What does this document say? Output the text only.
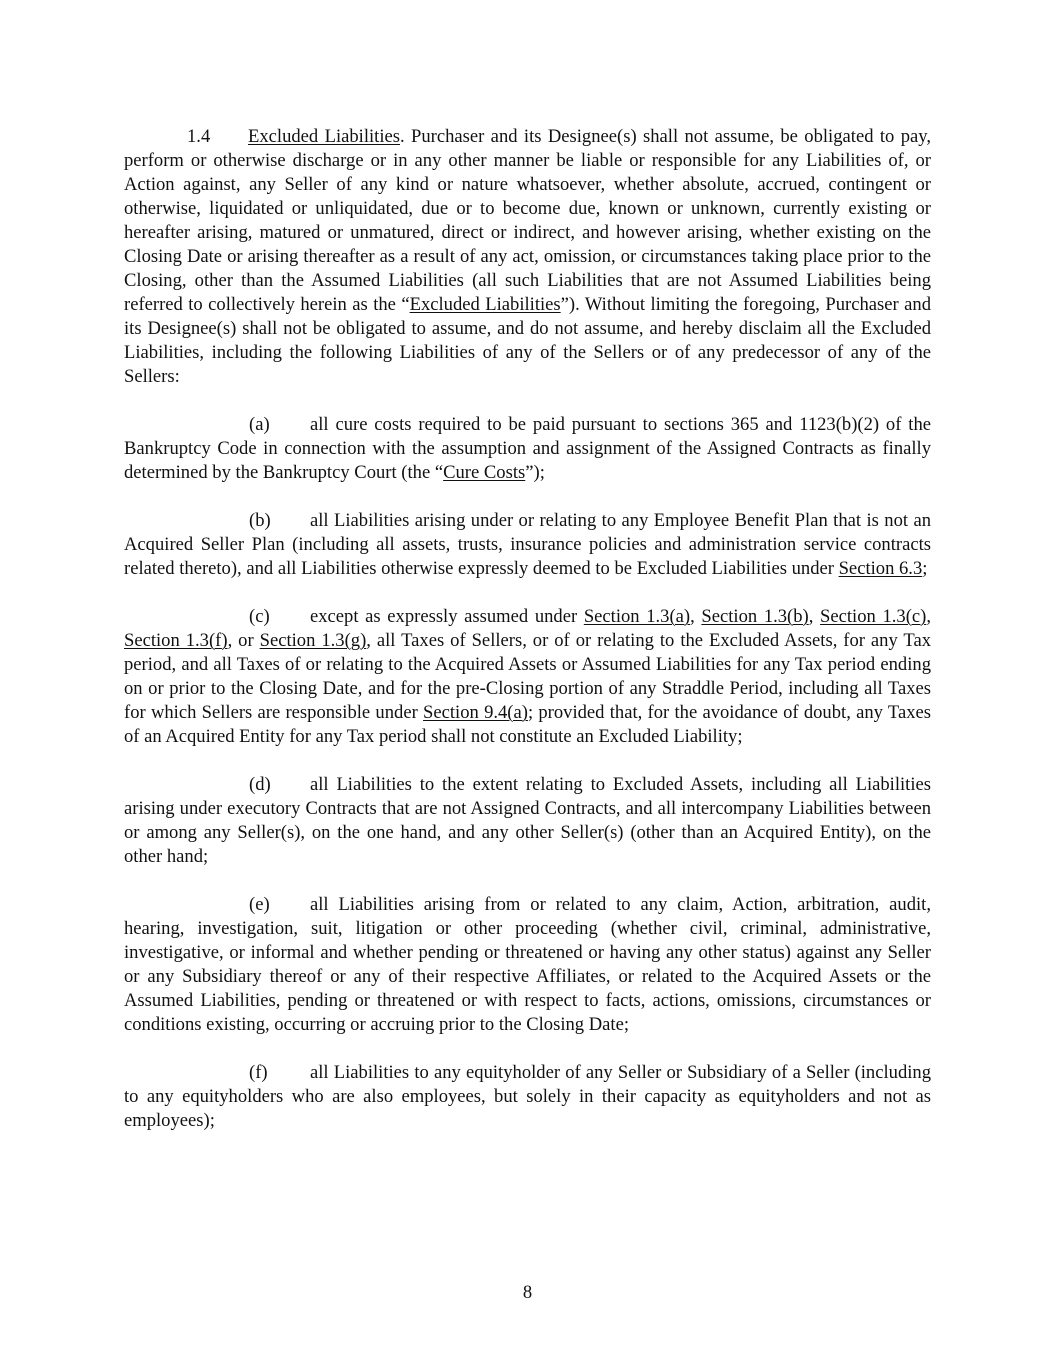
1.4 Excluded Liabilities. Purchaser and its Designee(s) shall not assume, be obligated to pay, perform or otherwise discharge or in any other manner be liable or responsible for any Liabilities of, or Action against, any Seller of any kind or nature whatsoever, whether absolute, accrued, contingent or otherwise, liquidated or unliquidated, due or to become due, known or unknown, currently existing or hereafter arising, matured or unmatured, direct or indirect, and however arising, whether existing on the Closing Date or arising thereafter as a result of any act, omission, or circumstances taking place prior to the Closing, other than the Assumed Liabilities (all such Liabilities that are not Assumed Liabilities being referred to collectively herein as the “Excluded Liabilities”). Without limiting the foregoing, Purchaser and its Designee(s) shall not be obligated to assume, and do not assume, and hereby disclaim all the Excluded Liabilities, including the following Liabilities of any of the Sellers or of any predecessor of any of the Sellers:

(a) all cure costs required to be paid pursuant to sections 365 and 1123(b)(2) of the Bankruptcy Code in connection with the assumption and assignment of the Assigned Contracts as finally determined by the Bankruptcy Court (the “Cure Costs”);

(b) all Liabilities arising under or relating to any Employee Benefit Plan that is not an Acquired Seller Plan (including all assets, trusts, insurance policies and administration service contracts related thereto), and all Liabilities otherwise expressly deemed to be Excluded Liabilities under Section 6.3;

(c) except as expressly assumed under Section 1.3(a), Section 1.3(b), Section 1.3(c), Section 1.3(f), or Section 1.3(g), all Taxes of Sellers, or of or relating to the Excluded Assets, for any Tax period, and all Taxes of or relating to the Acquired Assets or Assumed Liabilities for any Tax period ending on or prior to the Closing Date, and for the pre-Closing portion of any Straddle Period, including all Taxes for which Sellers are responsible under Section 9.4(a); provided that, for the avoidance of doubt, any Taxes of an Acquired Entity for any Tax period shall not constitute an Excluded Liability;

(d) all Liabilities to the extent relating to Excluded Assets, including all Liabilities arising under executory Contracts that are not Assigned Contracts, and all intercompany Liabilities between or among any Seller(s), on the one hand, and any other Seller(s) (other than an Acquired Entity), on the other hand;

(e) all Liabilities arising from or related to any claim, Action, arbitration, audit, hearing, investigation, suit, litigation or other proceeding (whether civil, criminal, administrative, investigative, or informal and whether pending or threatened or having any other status) against any Seller or any Subsidiary thereof or any of their respective Affiliates, or related to the Acquired Assets or the Assumed Liabilities, pending or threatened or with respect to facts, actions, omissions, circumstances or conditions existing, occurring or accruing prior to the Closing Date;

(f) all Liabilities to any equityholder of any Seller or Subsidiary of a Seller (including to any equityholders who are also employees, but solely in their capacity as equityholders and not as employees);

8
